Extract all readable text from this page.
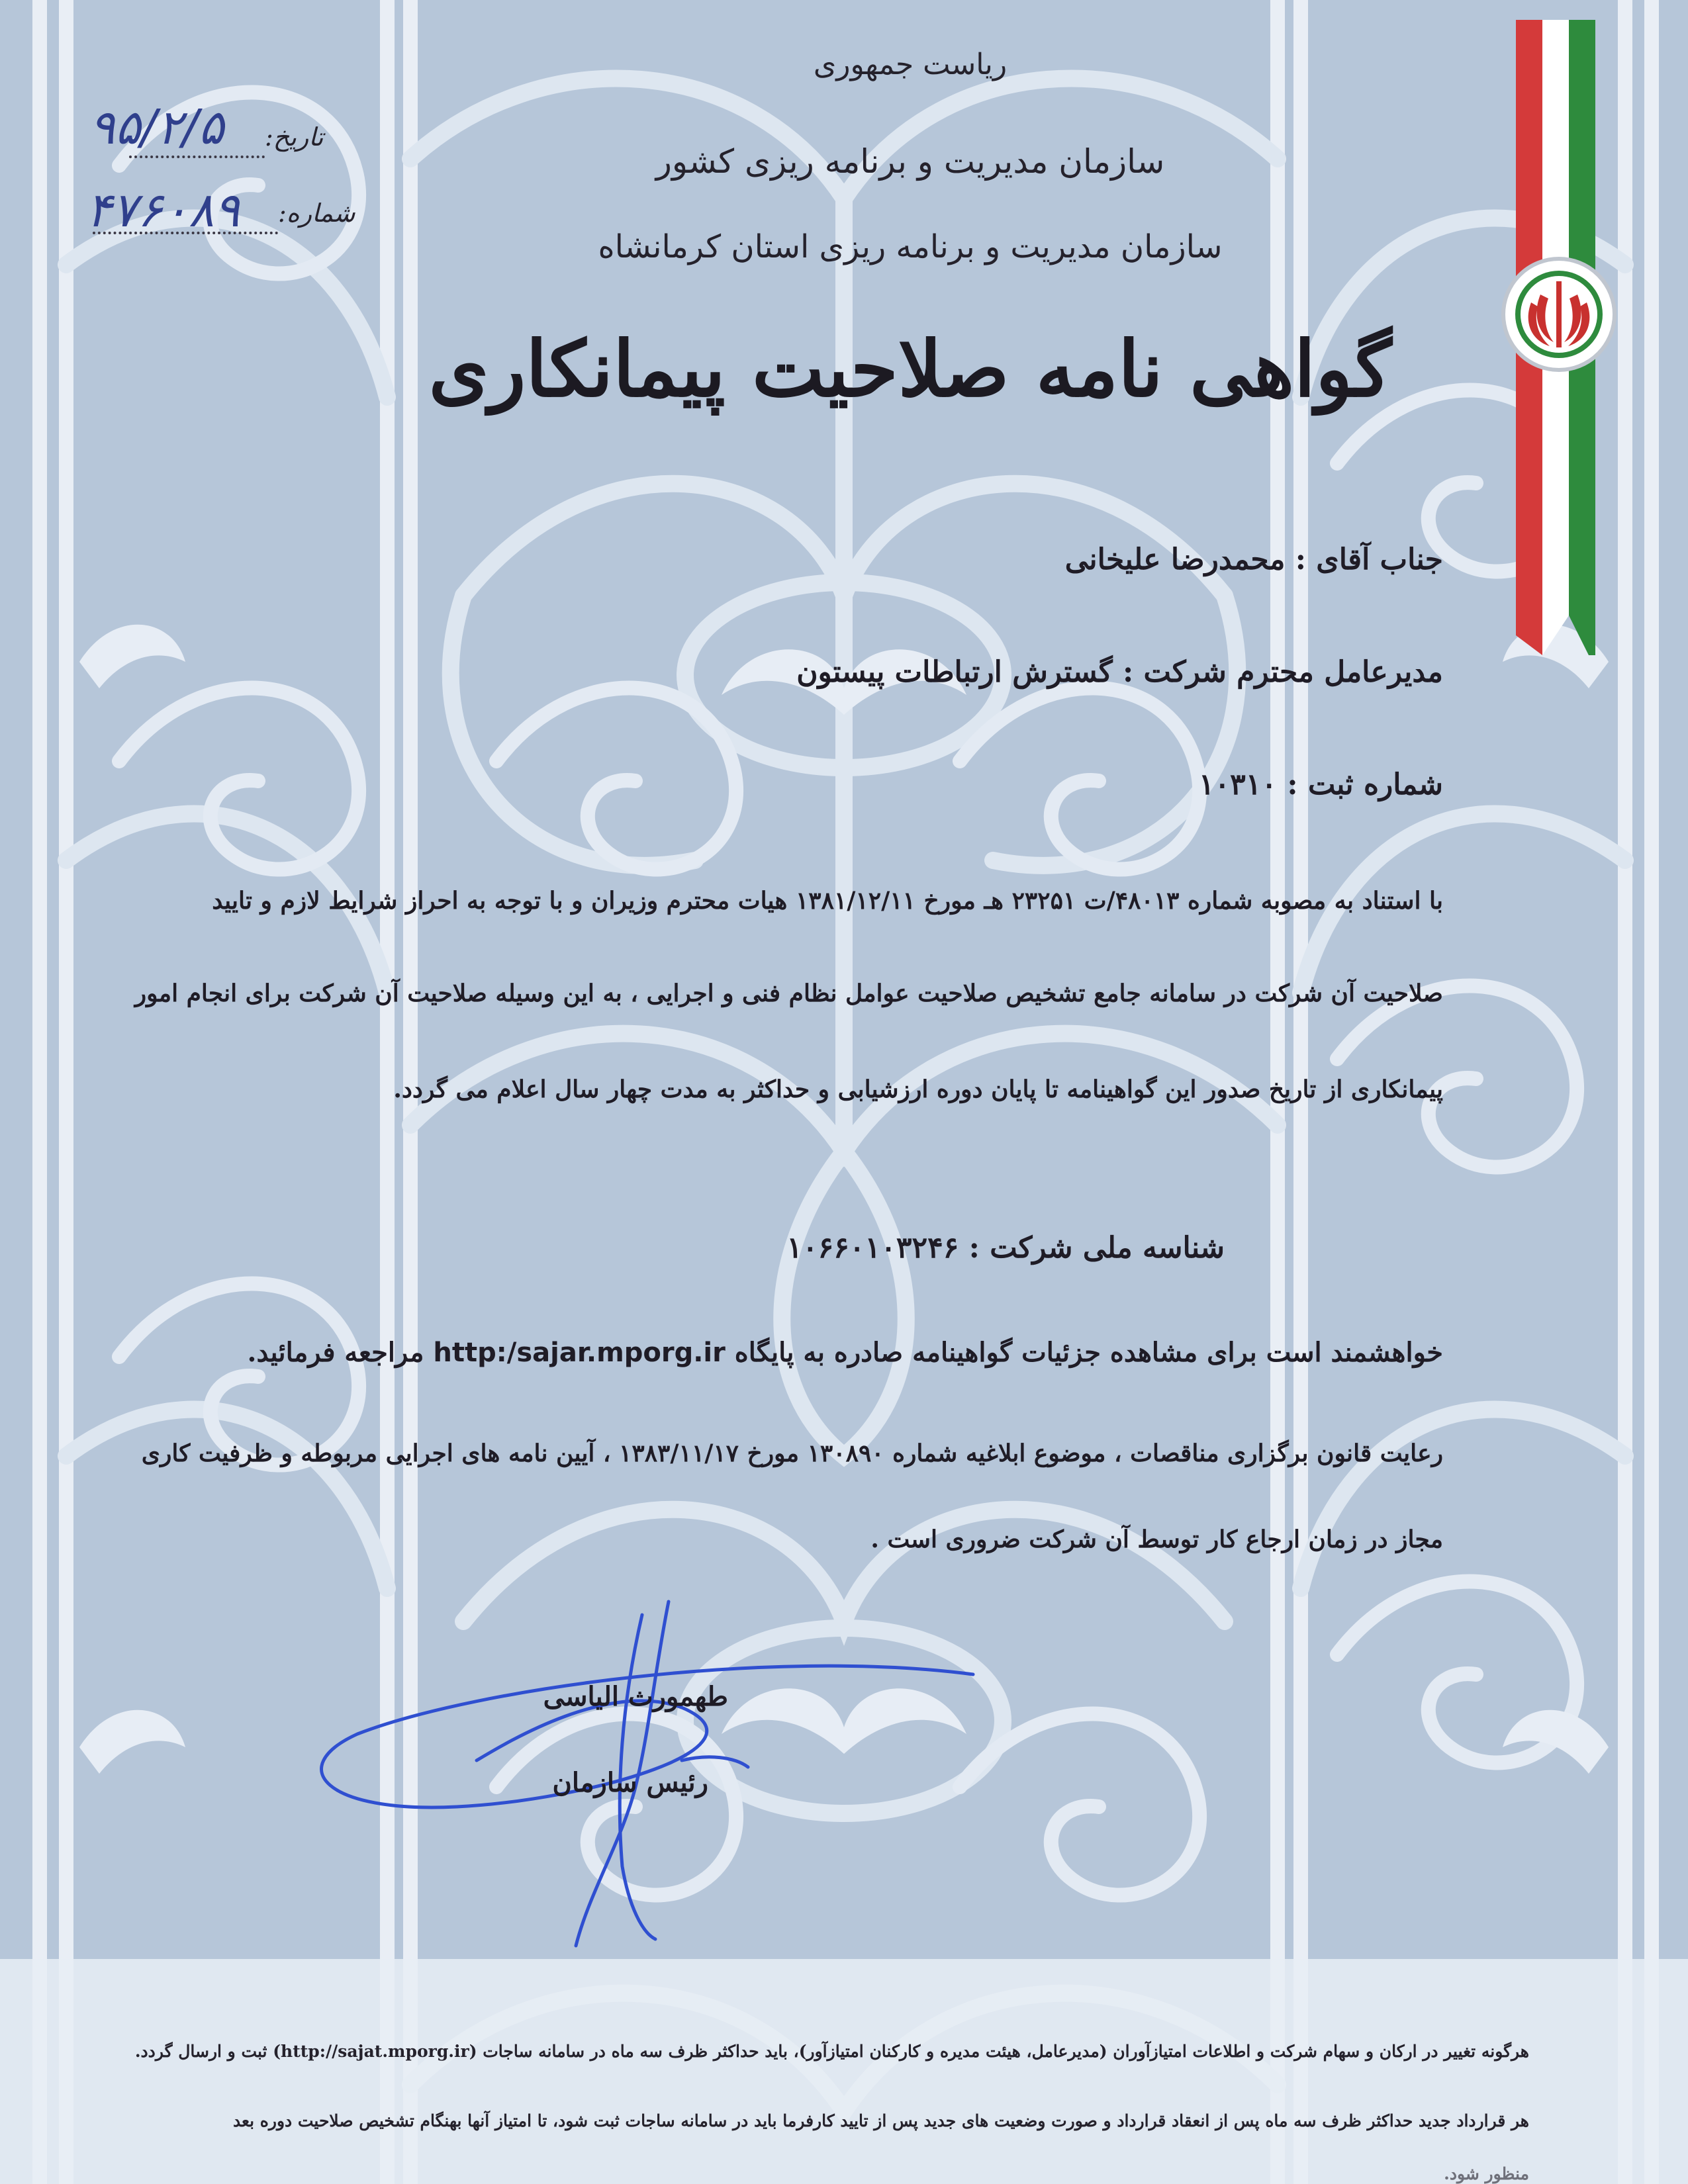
تاریخ:
۹۵/۲/۵
شماره:
۴۷۶۰۸۹
ریاست جمهوری
سازمان مدیریت و برنامه ریزی کشور
سازمان مدیریت و برنامه ریزی استان کرمانشاه
گواهی نامه صلاحیت پیمانکاری
جناب آقای : محمدرضا علیخانی
مدیرعامل محترم شرکت : گسترش ارتباطات پیستون
شماره ثبت : ۱۰۳۱۰
با استناد به مصوبه شماره ۴۸۰۱۳/ت ۲۳۲۵۱ هـ مورخ ۱۳۸۱/۱۲/۱۱ هیات محترم وزیران و با توجه به احراز شرایط لازم و تایید
صلاحیت آن شرکت در سامانه جامع تشخیص صلاحیت عوامل نظام فنی و اجرایی ، به این وسیله صلاحیت آن شرکت برای انجام امور
پیمانکاری از تاریخ صدور این گواهینامه تا پایان دوره ارزشیابی و حداکثر به مدت چهار سال اعلام می گردد.
شناسه ملی شرکت : ۱۰۶۶۰۱۰۳۲۴۶
خواهشمند است برای مشاهده جزئیات گواهینامه صادره به پایگاه http:/sajar.mporg.ir مراجعه فرمائید.
رعایت قانون برگزاری مناقصات ، موضوع ابلاغیه شماره ۱۳۰۸۹۰ مورخ ۱۳۸۳/۱۱/۱۷ ، آیین نامه های اجرایی مربوطه و ظرفیت کاری
مجاز در زمان ارجاع کار توسط آن شرکت ضروری است .
طهمورث الیاسی
رئیس سازمان
هرگونه تغییر در ارکان و سهام شرکت و اطلاعات امتیازآوران (مدیرعامل، هیئت مدیره و کارکنان امتیازآور)، باید حداکثر ظرف سه ماه در سامانه ساجات (http://sajat.mporg.ir) ثبت و ارسال گردد.
هر قرارداد جدید حداکثر ظرف سه ماه پس از انعقاد قرارداد و صورت وضعیت های جدید پس از تایید کارفرما باید در سامانه ساجات ثبت شود، تا امتیاز آنها بهنگام تشخیص صلاحیت دوره بعد
منظور شود.
